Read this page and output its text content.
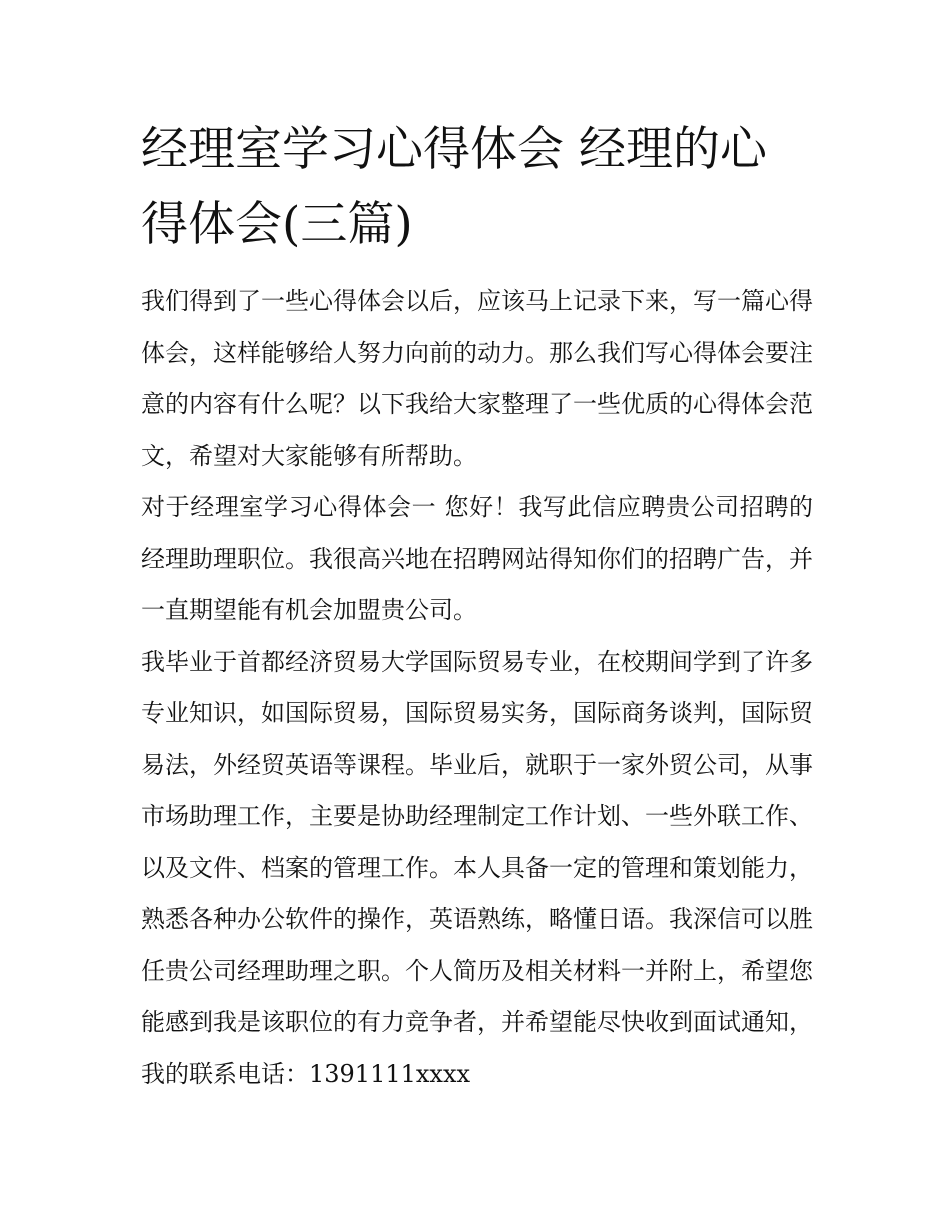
经理室学习心得体会 经理的心得体会(三篇)

我们得到了一些心得体会以后，应该马上记录下来，写一篇心得体会，这样能够给人努力向前的动力。那么我们写心得体会要注意的内容有什么呢？以下我给大家整理了一些优质的心得体会范文，希望对大家能够有所帮助。

对于经理室学习心得体会一 您好！我写此信应聘贵公司招聘的经理助理职位。我很高兴地在招聘网站得知你们的招聘广告，并一直期望能有机会加盟贵公司。

我毕业于首都经济贸易大学国际贸易专业，在校期间学到了许多专业知识，如国际贸易，国际贸易实务，国际商务谈判，国际贸易法，外经贸英语等课程。毕业后，就职于一家外贸公司，从事市场助理工作，主要是协助经理制定工作计划、一些外联工作、以及文件、档案的管理工作。本人具备一定的管理和策划能力，熟悉各种办公软件的操作，英语熟练，略懂日语。我深信可以胜任贵公司经理助理之职。个人简历及相关材料一并附上，希望您能感到我是该职位的有力竞争者，并希望能尽快收到面试通知，我的联系电话：1391111xxxx
